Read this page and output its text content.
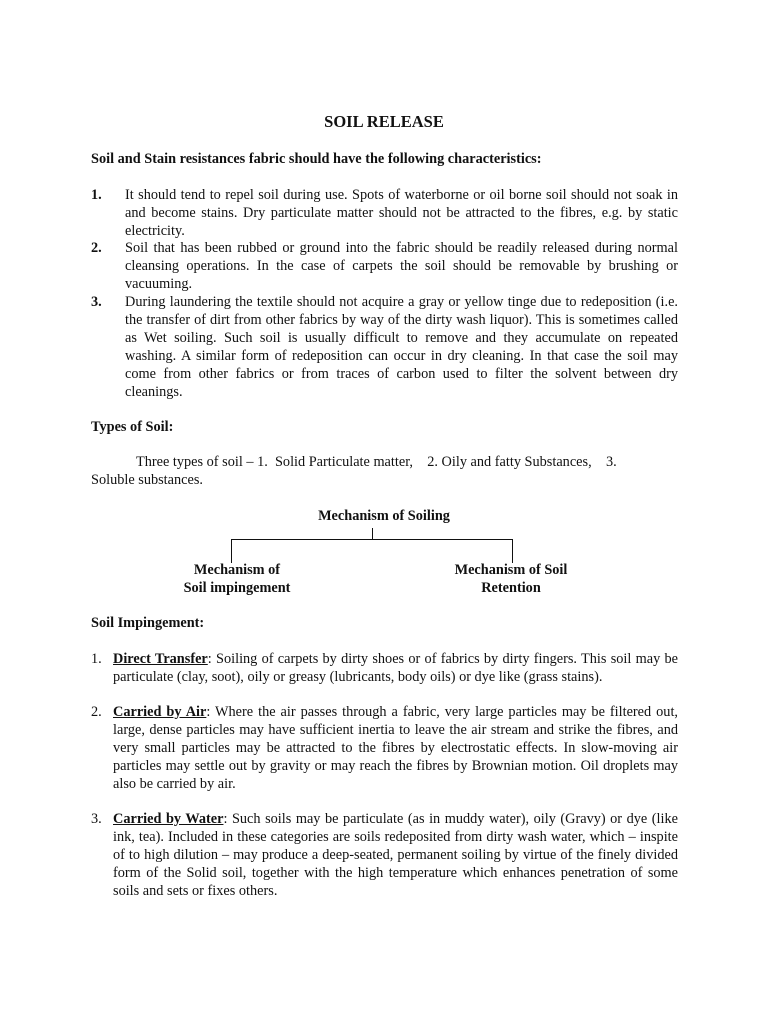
SOIL RELEASE
Soil and Stain resistances fabric should have the following characteristics:
1. It should tend to repel soil during use. Spots of waterborne or oil borne soil should not soak in and become stains. Dry particulate matter should not be attracted to the fibres, e.g. by static electricity.
2. Soil that has been rubbed or ground into the fabric should be readily released during normal cleansing operations. In the case of carpets the soil should be removable by brushing or vacuuming.
3. During laundering the textile should not acquire a gray or yellow tinge due to redeposition (i.e. the transfer of dirt from other fabrics by way of the dirty wash liquor). This is sometimes called as Wet soiling. Such soil is usually difficult to remove and they accumulate on repeated washing. A similar form of redeposition can occur in dry cleaning. In that case the soil may come from other fabrics or from traces of carbon used to filter the solvent between dry cleanings.
Types of Soil:
Three types of soil – 1.  Solid Particulate matter,    2. Oily and fatty Substances,    3.
Soluble substances.
Mechanism of Soiling
Mechanism of
Soil impingement
Mechanism of Soil
Retention
Soil Impingement:
1. Direct Transfer: Soiling of carpets by dirty shoes or of fabrics by dirty fingers. This soil may be particulate (clay, soot), oily or greasy (lubricants, body oils) or dye like (grass stains).
2. Carried by Air: Where the air passes through a fabric, very large particles may be filtered out, large, dense particles may have sufficient inertia to leave the air stream and strike the fibres, and very small particles may be attracted to the fibres by electrostatic effects. In slow-moving air particles may settle out by gravity or may reach the fibres by Brownian motion. Oil droplets may also be carried by air.
3. Carried by Water: Such soils may be particulate (as in muddy water), oily (Gravy) or dye (like ink, tea). Included in these categories are soils redeposited from dirty wash water, which – inspite of to high dilution – may produce a deep-seated, permanent soiling by virtue of the finely divided form of the Solid soil, together with the high temperature which enhances penetration of some soils and sets or fixes others.
